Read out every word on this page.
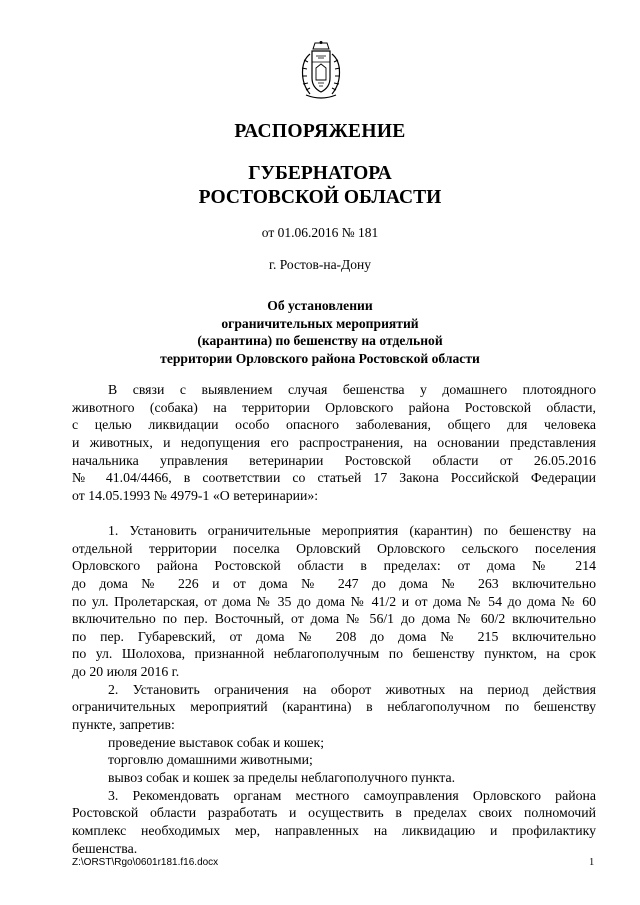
РАСПОРЯЖЕНИЕ
ГУБЕРНАТОРА
РОСТОВСКОЙ ОБЛАСТИ
от 01.06.2016 № 181
г. Ростов-на-Дону
Об установлении
ограничительных мероприятий
(карантина) по бешенству на отдельной
территории Орловского района Ростовской области
В связи с выявлением случая бешенства у домашнего плотоядного
животного (собака) на территории Орловского района Ростовской области,
с целью ликвидации особо опасного заболевания, общего для человека
и животных, и недопущения его распространения, на основании представления
начальника управления ветеринарии Ростовской области от 26.05.2016
№ 41.04/4466, в соответствии со статьей 17 Закона Российской Федерации
от 14.05.1993 № 4979-1 «О ветеринарии»:
1. Установить ограничительные мероприятия (карантин) по бешенству на
отдельной территории поселка Орловский Орловского сельского поселения
Орловского района Ростовской области в пределах: от дома № 214
до дома № 226 и от дома № 247 до дома № 263 включительно
по ул. Пролетарская, от дома № 35 до дома № 41/2 и от дома № 54 до дома № 60
включительно по пер. Восточный, от дома № 56/1 до дома № 60/2 включительно
по пер. Губаревский, от дома № 208 до дома № 215 включительно
по ул. Шолохова, признанной неблагополучным по бешенству пунктом, на срок
до 20 июля 2016 г.
2. Установить ограничения на оборот животных на период действия
ограничительных мероприятий (карантина) в неблагополучном по бешенству
пункте, запретив:
проведение выставок собак и кошек;
торговлю домашними животными;
вывоз собак и кошек за пределы неблагополучного пункта.
3. Рекомендовать органам местного самоуправления Орловского района
Ростовской области разработать и осуществить в пределах своих полномочий
комплекс необходимых мер, направленных на ликвидацию и профилактику
бешенства.
Z:\ORST\Rgo\0601r181.f16.docx	1
